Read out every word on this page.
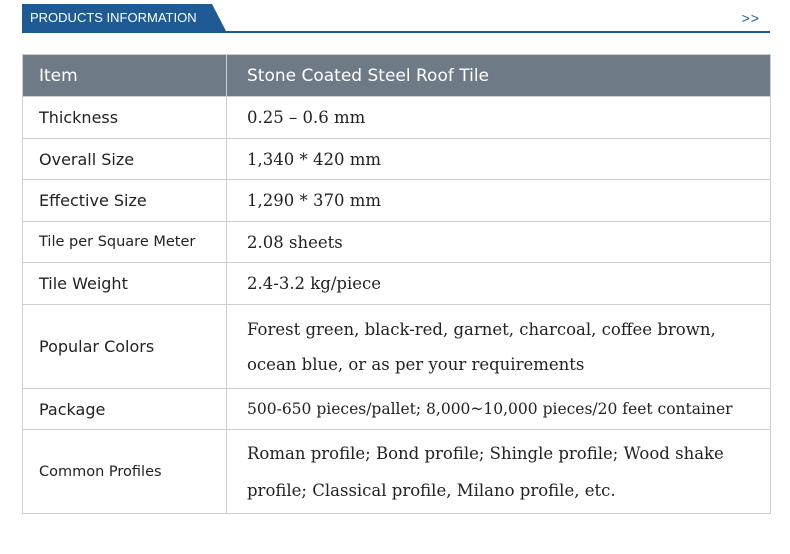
PRODUCTS INFORMATION	>>
Item	Stone Coated Steel Roof Tile
Thickness	0.25 – 0.6 mm
Overall Size	1,340 * 420 mm
Effective Size	1,290 * 370 mm
Tile per Square Meter	2.08 sheets
Tile Weight	2.4-3.2 kg/piece
Popular Colors	Forest green, black-red, garnet, charcoal, coffee brown, ocean blue, or as per your requirements
Package	500-650 pieces/pallet; 8,000~10,000 pieces/20 feet container
Common Profiles	Roman profile; Bond profile; Shingle profile; Wood shake profile; Classical profile, Milano profile, etc.
